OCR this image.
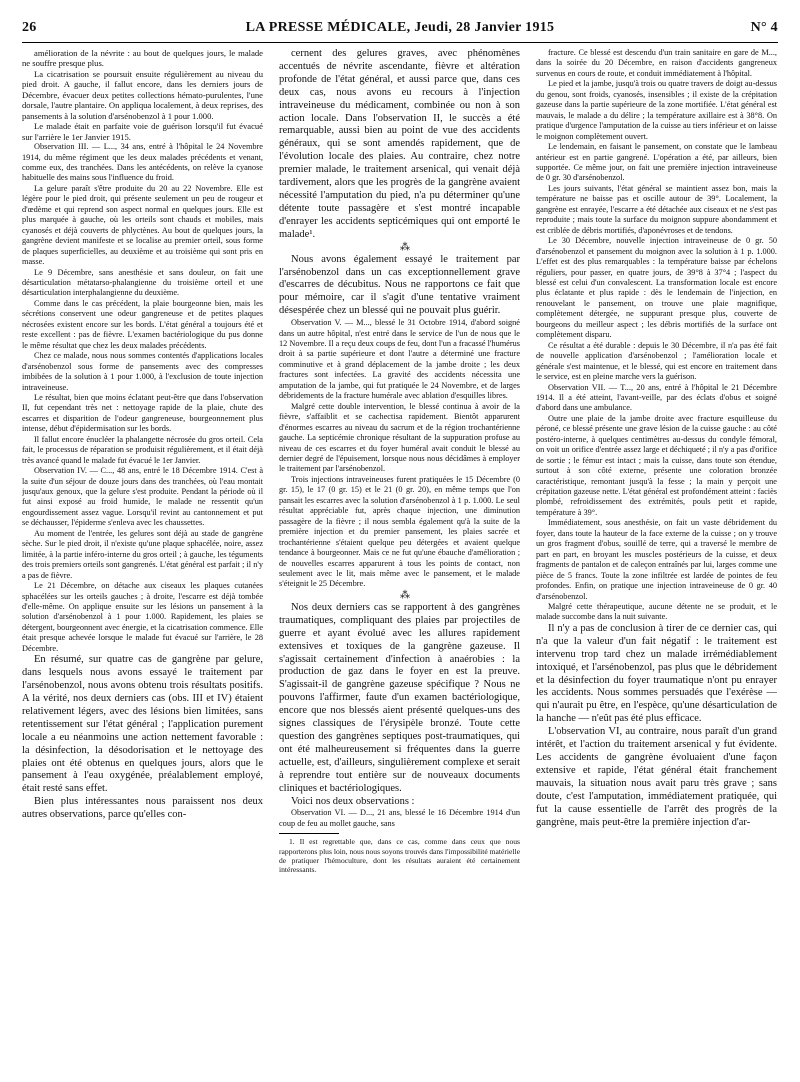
26	LA PRESSE MÉDICALE, Jeudi, 28 Janvier 1915	N° 4

amélioration de la névrite : au bout de quelques jours, le malade ne souffre presque plus.

La cicatrisation se poursuit ensuite régulièrement au niveau du pied droit. A gauche, il fallut encore, dans les derniers jours de Décembre, évacuer deux petites collections hémato-purulentes, l'une dorsale, l'autre plantaire. On appliqua localement, à deux reprises, des pansements à la solution d'arsénobenzol à 1 pour 1.000.

Le malade était en parfaite voie de guérison lorsqu'il fut évacué sur l'arrière le 1er Janvier 1915.

Observation III. — L..., 34 ans, entré à l'hôpital le 24 Novembre 1914, du même régiment que les deux malades précédents et venant, comme eux, des tranchées. Dans les antécédents, on relève la cyanose habituelle des mains sous l'influence du froid.

La gelure paraît s'être produite du 20 au 22 Novembre. Elle est légère pour le pied droit, qui présente seulement un peu de rougeur et d'œdème et qui reprend son aspect normal en quelques jours. Elle est plus marquée à gauche, où les orteils sont chauds et mobiles, mais cyanosés et déjà couverts de phlyctènes. Au bout de quelques jours, la gangrène devient manifeste et se localise au premier orteil, sous forme de plaques superficielles, au deuxième et au troisième qui sont pris en masse.

Le 9 Décembre, sans anesthésie et sans douleur, on fait une désarticulation métatarso-phalangienne du troisième orteil et une désarticulation interphalangienne du deuxième.

Comme dans le cas précédent, la plaie bourgeonne bien, mais les sécrétions conservent une odeur gangreneuse et de petites plaques nécrosées existent encore sur les bords. L'état général a toujours été et reste excellent : pas de fièvre. L'examen bactériologique du pus donne le même résultat que chez les deux malades précédents.

Chez ce malade, nous nous sommes contentés d'applications locales d'arsénobenzol sous forme de pansements avec des compresses imbibées de la solution à 1 pour 1.000, à l'exclusion de toute injection intraveineuse.

Le résultat, bien que moins éclatant peut-être que dans l'observation II, fut cependant très net : nettoyage rapide de la plaie, chute des escarres et disparition de l'odeur gangreneuse, bourgeonnement plus intense, début d'épidermisation sur les bords.

Il fallut encore énucléer la phalangette nécrosée du gros orteil. Cela fait, le processus de réparation se produisit régulièrement, et il était déjà très avancé quand le malade fut évacué le 1er Janvier.

Observation IV. — C..., 48 ans, entré le 18 Décembre 1914. C'est à la suite d'un séjour de douze jours dans des tranchées, où l'eau montait jusqu'aux genoux, que la gelure s'est produite. Pendant la période où il fut ainsi exposé au froid humide, le malade ne ressentit qu'un engourdissement assez vague. Lorsqu'il revint au cantonnement et put se déchausser, l'épiderme s'enleva avec les chaussettes.

Au moment de l'entrée, les gelures sont déjà au stade de gangrène sèche. Sur le pied droit, il n'existe qu'une plaque sphacélée, noire, assez limitée, à la partie inféro-interne du gros orteil ; à gauche, les téguments des trois premiers orteils sont gangrenés. L'état général est parfait ; il n'y a pas de fièvre.

Le 21 Décembre, on détache aux ciseaux les plaques cutanées sphacélées sur les orteils gauches ; à droite, l'escarre est déjà tombée d'elle-même. On applique ensuite sur les lésions un pansement à la solution d'arsénobenzol à 1 pour 1.000. Rapidement, les plaies se détergent, bourgeonnent avec énergie, et la cicatrisation commence. Elle était presque achevée lorsque le malade fut évacué sur l'arrière, le 28 Décembre.

En résumé, sur quatre cas de gangrène par gelure, dans lesquels nous avons essayé le traitement par l'arsénobenzol, nous avons obtenu trois résultats positifs. A la vérité, nos deux derniers cas (obs. III et IV) étaient relativement légers, avec des lésions bien limitées, sans retentissement sur l'état général ; l'application purement locale a eu néanmoins une action nettement favorable : la désinfection, la désodorisation et le nettoyage des plaies ont été obtenus en quelques jours, alors que le pansement à l'eau oxygénée, préalablement employé, était resté sans effet.

Bien plus intéressantes nous paraissent nos deux autres observations, parce qu'elles con-

cernent des gelures graves, avec phénomènes accentués de névrite ascendante, fièvre et altération profonde de l'état général, et aussi parce que, dans ces deux cas, nous avons eu recours à l'injection intraveineuse du médicament, combinée ou non à son action locale. Dans l'observation II, le succès a été remarquable, aussi bien au point de vue des accidents généraux, qui se sont amendés rapidement, que de l'évolution locale des plaies. Au contraire, chez notre premier malade, le traitement arsenical, qui venait déjà tardivement, alors que les progrès de la gangrène avaient nécessité l'amputation du pied, n'a pu déterminer qu'une détente toute passagère et s'est montré incapable d'enrayer les accidents septicémiques qui ont emporté le malade¹.

⁂

Nous avons également essayé le traitement par l'arsénobenzol dans un cas exceptionnellement grave d'escarres de décubitus. Nous ne rapportons ce fait que pour mémoire, car il s'agit d'une tentative vraiment désespérée chez un blessé qui ne pouvait plus guérir.

Observation V. — M..., blessé le 31 Octobre 1914, d'abord soigné dans un autre hôpital, n'est entré dans le service de l'un de nous que le 12 Novembre. Il a reçu deux coups de feu, dont l'un a fracassé l'humérus droit à sa partie supérieure et dont l'autre a déterminé une fracture comminutive et à grand déplacement de la jambe droite ; les deux fractures sont infectées. La gravité des accidents nécessita une amputation de la jambe, qui fut pratiquée le 24 Novembre, et de larges débridements de la fracture humérale avec ablation d'esquilles libres.

Malgré cette double intervention, le blessé continua à avoir de la fièvre, s'affaiblit et se cachectisa rapidement. Bientôt apparurent d'énormes escarres au niveau du sacrum et de la région trochantérienne gauche. La septicémie chronique résultant de la suppuration profuse au niveau de ces escarres et du foyer huméral avait conduit le blessé au dernier degré de l'épuisement, lorsque nous nous décidâmes à employer le traitement par l'arsénobenzol.

Trois injections intraveineuses furent pratiquées le 15 Décembre (0 gr. 15), le 17 (0 gr. 15) et le 21 (0 gr. 20), en même temps que l'on pansait les escarres avec la solution d'arsénobenzol à 1 p. 1.000. Le seul résultat appréciable fut, après chaque injection, une diminution passagère de la fièvre ; il nous sembla également qu'à la suite de la première injection et du premier pansement, les plaies sacrée et trochantérienne s'étaient quelque peu détergées et avaient quelque tendance à bourgeonner. Mais ce ne fut qu'une ébauche d'amélioration ; de nouvelles escarres apparurent à tous les points de contact, non seulement avec le lit, mais même avec le pansement, et le malade s'éteignit le 25 Décembre.

⁂

Nos deux derniers cas se rapportent à des gangrènes traumatiques, compliquant des plaies par projectiles de guerre et ayant évolué avec les allures rapidement extensives et toxiques de la gangrène gazeuse. Il s'agissait certainement d'infection à anaérobies : la production de gaz dans le foyer en est la preuve. S'agissait-il de gangrène gazeuse spécifique ? Nous ne pouvons l'affirmer, faute d'un examen bactériologique, encore que nos blessés aient présenté quelques-uns des signes classiques de l'érysipèle bronzé. Toute cette question des gangrènes septiques post-traumatiques, qui ont été malheureusement si fréquentes dans la guerre actuelle, est, d'ailleurs, singulièrement complexe et serait à reprendre tout entière sur de nouveaux documents cliniques et bactériologiques.

Voici nos deux observations :

Observation VI. — D..., 21 ans, blessé le 16 Décembre 1914 d'un coup de feu au mollet gauche, sans

1. Il est regrettable que, dans ce cas, comme dans ceux que nous rapporterons plus loin, nous nous soyons trouvés dans l'impossibilité matérielle de pratiquer l'hémoculture, dont les résultats auraient été certainement intéressants.

fracture. Ce blessé est descendu d'un train sanitaire en gare de M..., dans la soirée du 20 Décembre, en raison d'accidents gangreneux survenus en cours de route, et conduit immédiatement à l'hôpital.

Le pied et la jambe, jusqu'à trois ou quatre travers de doigt au-dessus du genou, sont froids, cyanosés, insensibles ; il existe de la crépitation gazeuse dans la partie supérieure de la zone mortifiée. L'état général est mauvais, le malade a du délire ; la température axillaire est à 38°8. On pratique d'urgence l'amputation de la cuisse au tiers inférieur et on laisse le moignon complètement ouvert.

Le lendemain, en faisant le pansement, on constate que le lambeau antérieur est en partie gangrené. L'opération a été, par ailleurs, bien supportée. Ce même jour, on fait une première injection intraveineuse de 0 gr. 30 d'arsénobenzol.

Les jours suivants, l'état général se maintient assez bon, mais la température ne baisse pas et oscille autour de 39°. Localement, la gangrène est enrayée, l'escarre a été détachée aux ciseaux et ne s'est pas reproduite ; mais toute la surface du moignon suppure abondamment et est criblée de débris mortifiés, d'aponévroses et de tendons.

Le 30 Décembre, nouvelle injection intraveineuse de 0 gr. 50 d'arsénobenzol et pansement du moignon avec la solution à 1 p. 1.000. L'effet est des plus remarquables : la température baisse par échelons réguliers, pour passer, en quatre jours, de 39°8 à 37°4 ; l'aspect du blessé est celui d'un convalescent. La transformation locale est encore plus éclatante et plus rapide : dès le lendemain de l'injection, en renouvelant le pansement, on trouve une plaie magnifique, complètement détergée, ne suppurant presque plus, couverte de bourgeons du meilleur aspect ; les débris mortifiés de la surface ont complètement disparu.

Ce résultat a été durable : depuis le 30 Décembre, il n'a pas été fait de nouvelle application d'arsénobenzol ; l'amélioration locale et générale s'est maintenue, et le blessé, qui est encore en traitement dans le service, est en pleine marche vers la guérison.

Observation VII. — T..., 20 ans, entré à l'hôpital le 21 Décembre 1914. Il a été atteint, l'avant-veille, par des éclats d'obus et soigné d'abord dans une ambulance.

Outre une plaie de la jambe droite avec fracture esquilleuse du péroné, ce blessé présente une grave lésion de la cuisse gauche : au côté postéro-interne, à quelques centimètres au-dessus du condyle fémoral, on voit un orifice d'entrée assez large et déchiqueté ; il n'y a pas d'orifice de sortie ; le fémur est intact ; mais la cuisse, dans toute son étendue, surtout à son côté externe, présente une coloration bronzée caractéristique, remontant jusqu'à la fesse ; la main y perçoit une crépitation gazeuse nette. L'état général est profondément atteint : faciès plombé, refroidissement des extrémités, pouls petit et rapide, température à 39°.

Immédiatement, sous anesthésie, on fait un vaste débridement du foyer, dans toute la hauteur de la face externe de la cuisse ; on y trouve un gros fragment d'obus, souillé de terre, qui a traversé le membre de part en part, en broyant les muscles postérieurs de la cuisse, et deux fragments de pantalon et de caleçon entraînés par lui, larges comme une pièce de 5 francs. Toute la zone infiltrée est lardée de pointes de feu profondes. Enfin, on pratique une injection intraveineuse de 0 gr. 40 d'arsénobenzol.

Malgré cette thérapeutique, aucune détente ne se produit, et le malade succombe dans la nuit suivante.

Il n'y a pas de conclusion à tirer de ce dernier cas, qui n'a que la valeur d'un fait négatif : le traitement est intervenu trop tard chez un malade irrémédiablement intoxiqué, et l'arsénobenzol, pas plus que le débridement et la désinfection du foyer traumatique n'ont pu enrayer les accidents. Nous sommes persuadés que l'exérèse — qui n'aurait pu être, en l'espèce, qu'une désarticulation de la hanche — n'eût pas été plus efficace.

L'observation VI, au contraire, nous paraît d'un grand intérêt, et l'action du traitement arsenical y fut évidente. Les accidents de gangrène évoluaient d'une façon extensive et rapide, l'état général était franchement mauvais, la situation nous avait paru très grave ; sans doute, c'est l'amputation, immédiatement pratiquée, qui fut la cause essentielle de l'arrêt des progrès de la gangrène, mais peut-être la première injection d'ar-
